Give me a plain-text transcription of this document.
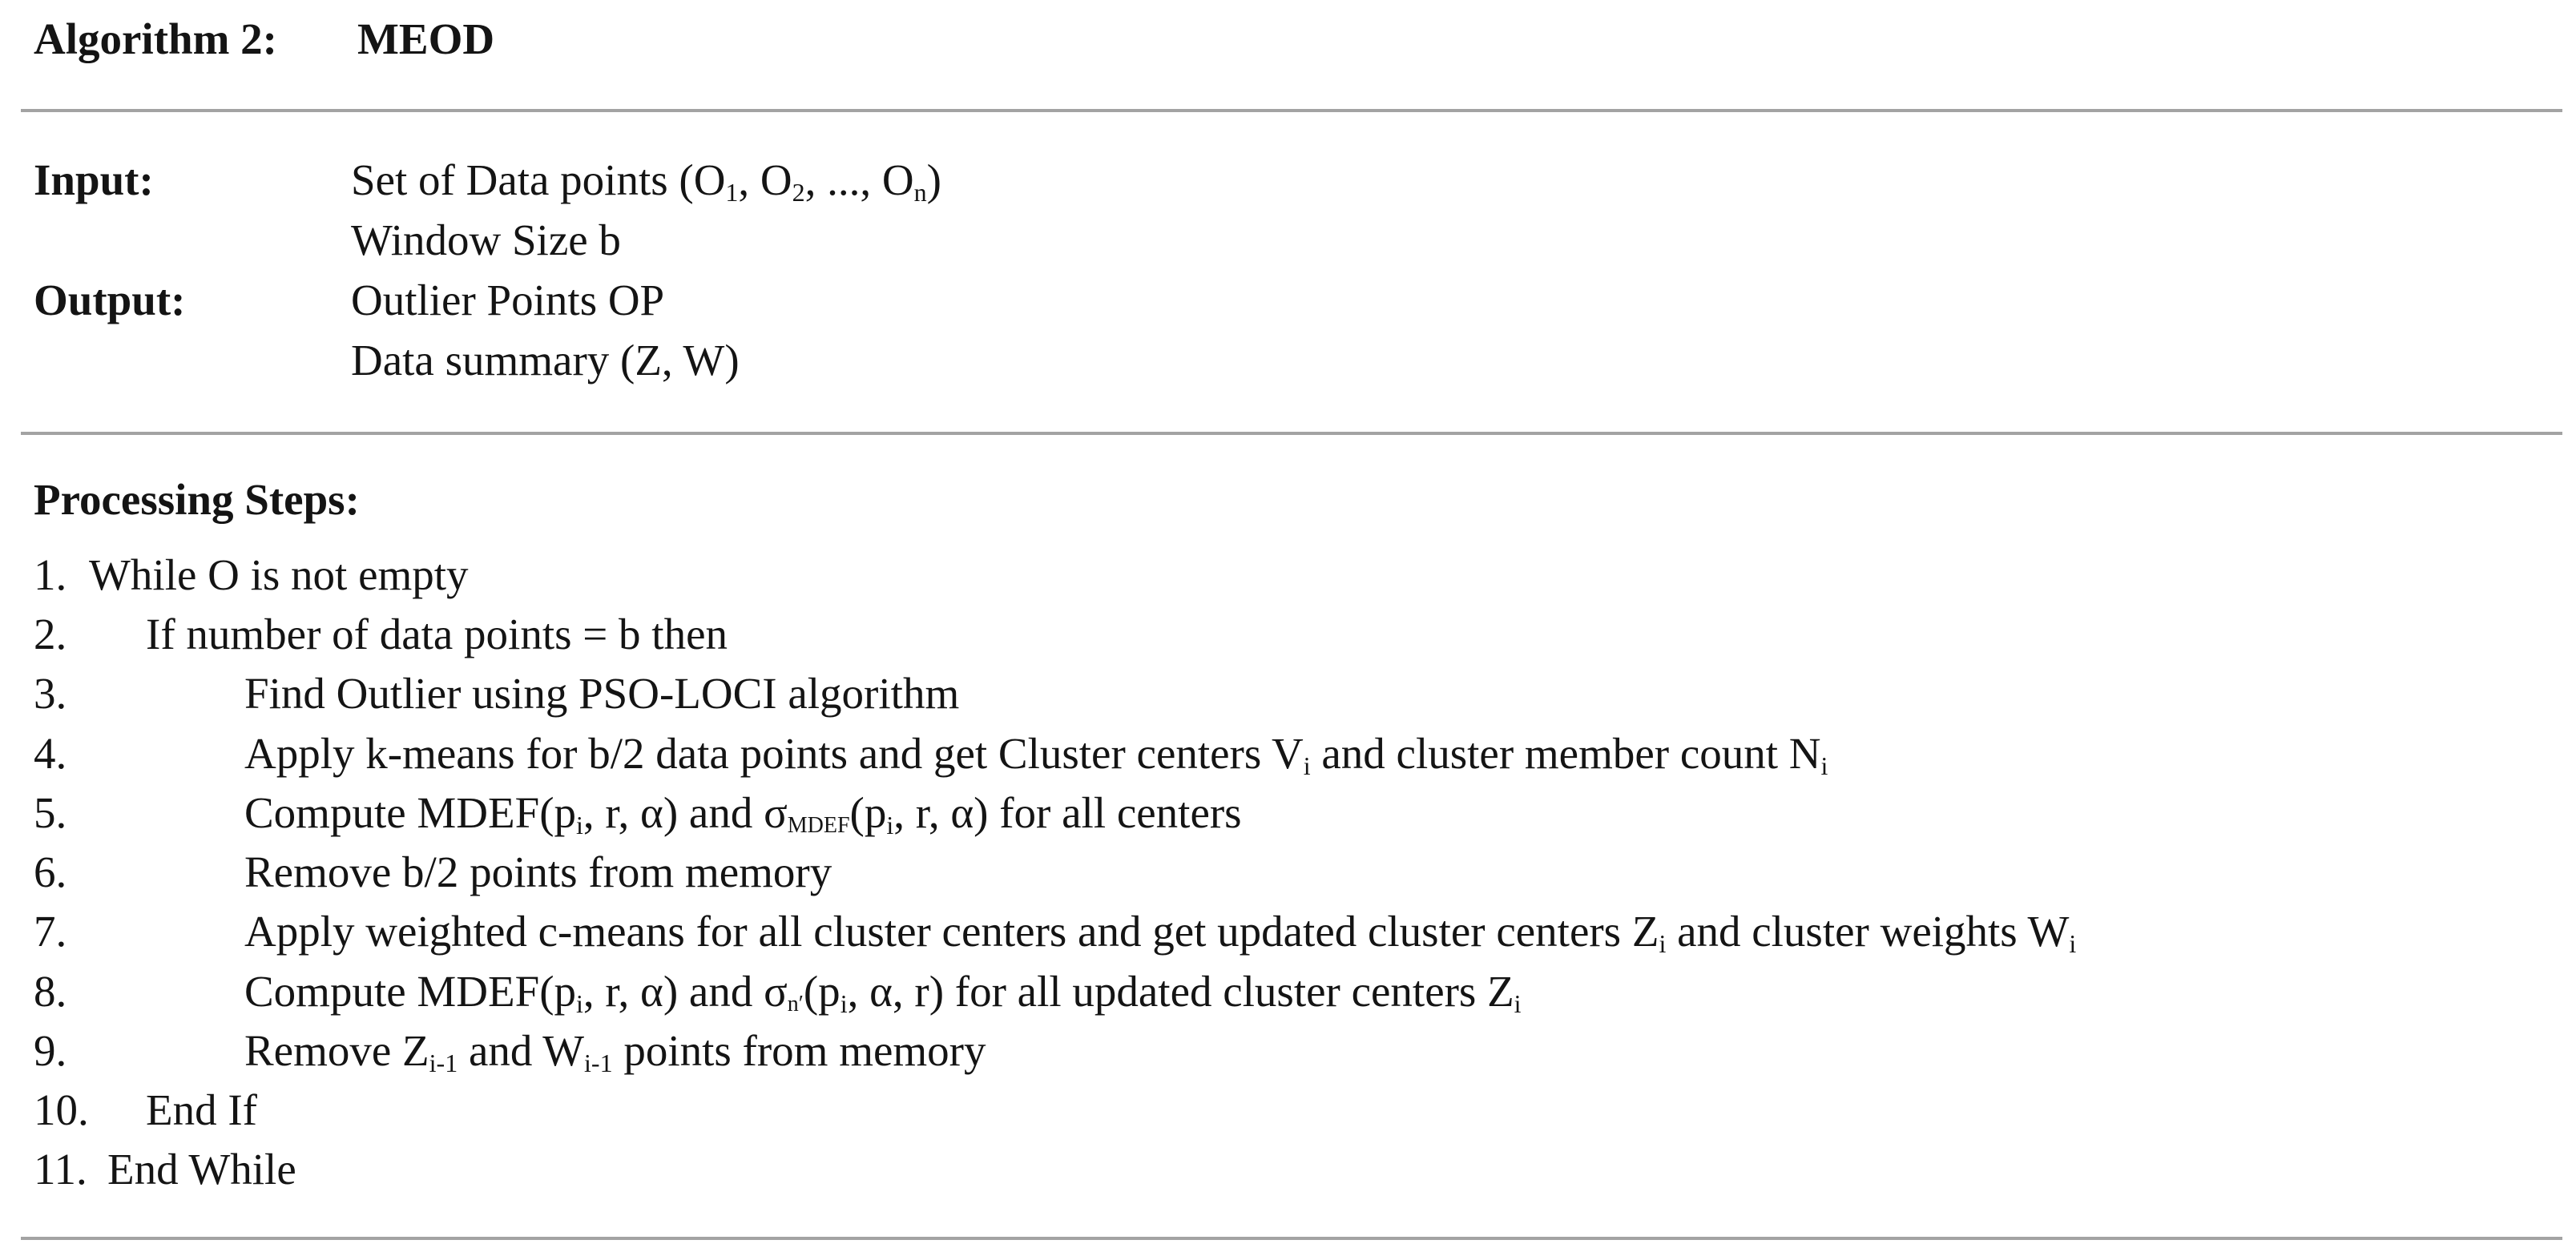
Algorithm 2: MEOD
Input:	Set of Data points ($O_1$, $O_2$, ..., $O_n$)
Window Size b
Output:	Outlier Points OP
Data summary (Z, W)
Processing Steps:
1. While O is not empty
2. If number of data points = b then
3.	Find Outlier using PSO-LOCI algorithm
4.	Apply k-means for b/2 data points and get Cluster centers $V_i$ and cluster member count $N_i$
5.	Compute $MDEF(p_i$, r, α) and $\sigma MDEF(p_i$, r, α) for all centers
6.	Remove b/2 points from memory
7.	Apply weighted c-means for all cluster centers and get updated cluster centers $Z_i$ and cluster weights $W_i$
8.	Compute $MDEF(p_i$, r, α) and $\sigma n'(p_i$, α, r) for all updated cluster centers $Z_i$
9.	Remove $Z_{i-1}$ and $W_{i-1}$ points from memory
10. End If
11. End While
